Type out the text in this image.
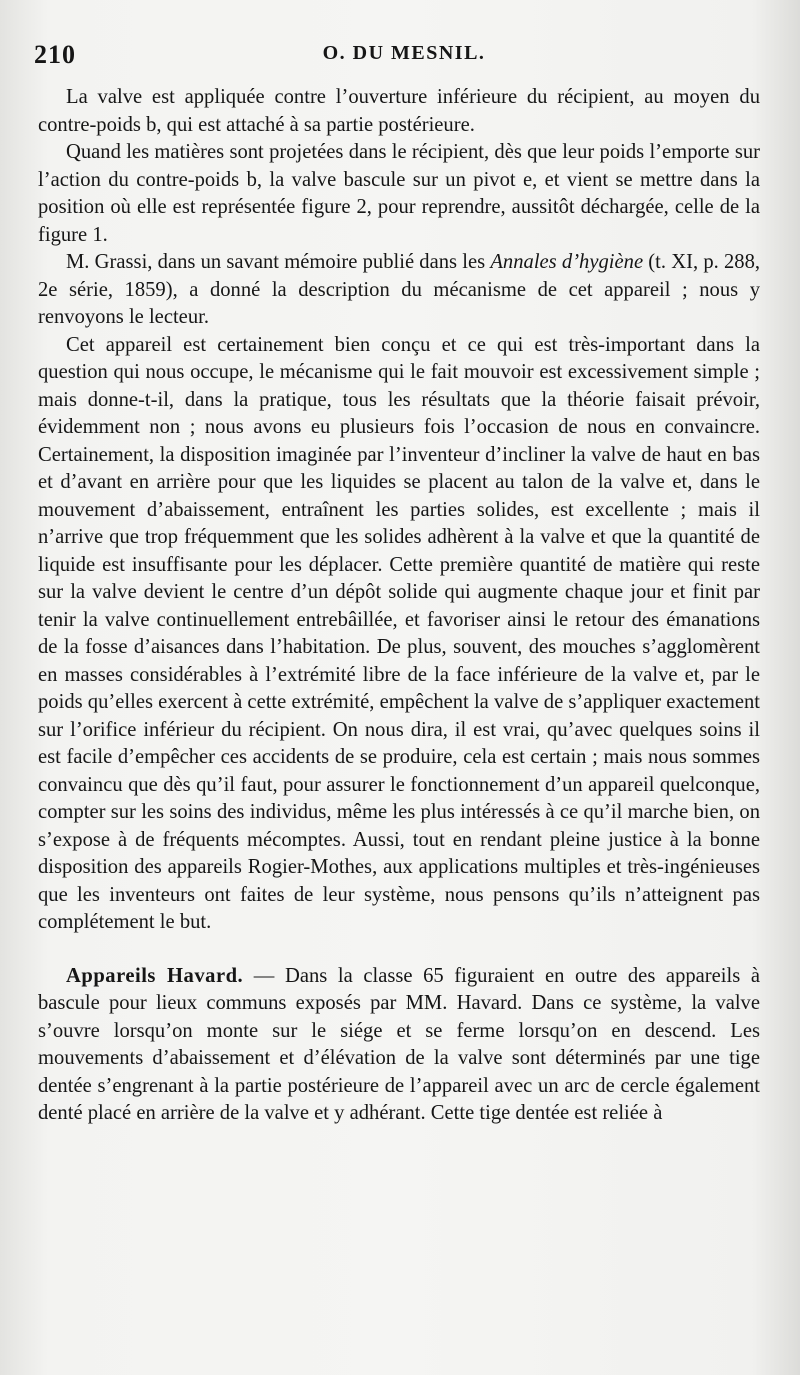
210	O. DU MESNIL.

La valve est appliquée contre l’ouverture inférieure du récipient, au moyen du contre-poids b, qui est attaché à sa partie postérieure.

Quand les matières sont projetées dans le récipient, dès que leur poids l’emporte sur l’action du contre-poids b, la valve bascule sur un pivot e, et vient se mettre dans la position où elle est représentée figure 2, pour reprendre, aussitôt déchargée, celle de la figure 1.

M. Grassi, dans un savant mémoire publié dans les Annales d’hygiène (t. XI, p. 288, 2e série, 1859), a donné la description du mécanisme de cet appareil ; nous y renvoyons le lecteur.

Cet appareil est certainement bien conçu et ce qui est très-important dans la question qui nous occupe, le mécanisme qui le fait mouvoir est excessivement simple ; mais donne-t-il, dans la pratique, tous les résultats que la théorie faisait prévoir, évidemment non ; nous avons eu plusieurs fois l’occasion de nous en convaincre. Certainement, la disposition imaginée par l’inventeur d’incliner la valve de haut en bas et d’avant en arrière pour que les liquides se placent au talon de la valve et, dans le mouvement d’abaissement, entraînent les parties solides, est excellente ; mais il n’arrive que trop fréquemment que les solides adhèrent à la valve et que la quantité de liquide est insuffisante pour les déplacer. Cette première quantité de matière qui reste sur la valve devient le centre d’un dépôt solide qui augmente chaque jour et finit par tenir la valve continuellement entrebâillée, et favoriser ainsi le retour des émanations de la fosse d’aisances dans l’habitation. De plus, souvent, des mouches s’agglomèrent en masses considérables à l’extrémité libre de la face inférieure de la valve et, par le poids qu’elles exercent à cette extrémité, empêchent la valve de s’appliquer exactement sur l’orifice inférieur du récipient. On nous dira, il est vrai, qu’avec quelques soins il est facile d’empêcher ces accidents de se produire, cela est certain ; mais nous sommes convaincu que dès qu’il faut, pour assurer le fonctionnement d’un appareil quelconque, compter sur les soins des individus, même les plus intéressés à ce qu’il marche bien, on s’expose à de fréquents mécomptes. Aussi, tout en rendant pleine justice à la bonne disposition des appareils Rogier-Mothes, aux applications multiples et très-ingénieuses que les inventeurs ont faites de leur système, nous pensons qu’ils n’atteignent pas complétement le but.

Appareils Havard. — Dans la classe 65 figuraient en outre des appareils à bascule pour lieux communs exposés par MM. Havard. Dans ce système, la valve s’ouvre lorsqu’on monte sur le siége et se ferme lorsqu’on en descend. Les mouvements d’abaissement et d’élévation de la valve sont déterminés par une tige dentée s’engrenant à la partie postérieure de l’appareil avec un arc de cercle également denté placé en arrière de la valve et y adhérant. Cette tige dentée est reliée à
